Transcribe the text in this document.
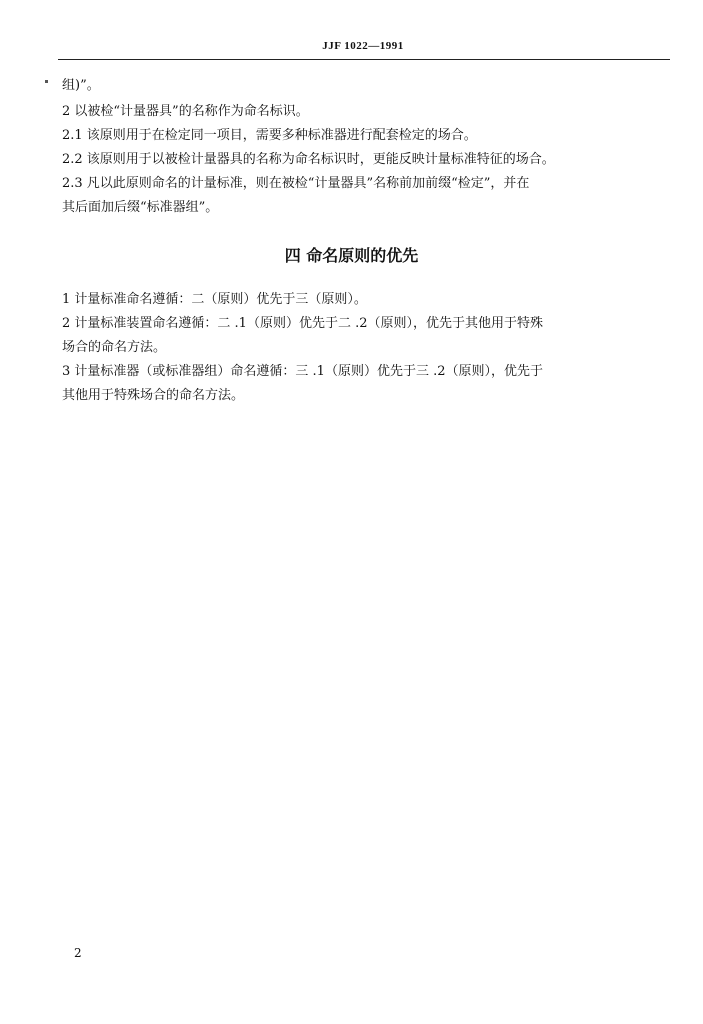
JJF 1022—1991
组)”。
2 以被检“计量器具”的名称作为命名标识。
2.1 该原则用于在检定同一项目，需要多种标准器进行配套检定的场合。
2.2 该原则用于以被检计量器具的名称为命名标识时，更能反映计量标准特征的场合。
2.3 凡以此原则命名的计量标准，则在被检“计量器具”名称前加前缀“检定”，并在
其后面加后缀“标准器组”。
四 命名原则的优先
1 计量标准命名遵循：二（原则）优先于三（原则）。
2 计量标准装置命名遵循：二 .1（原则）优先于二 .2（原则），优先于其他用于特殊
场合的命名方法。
3 计量标准器（或标准器组）命名遵循：三 .1（原则）优先于三 .2（原则），优先于
其他用于特殊场合的命名方法。
2
